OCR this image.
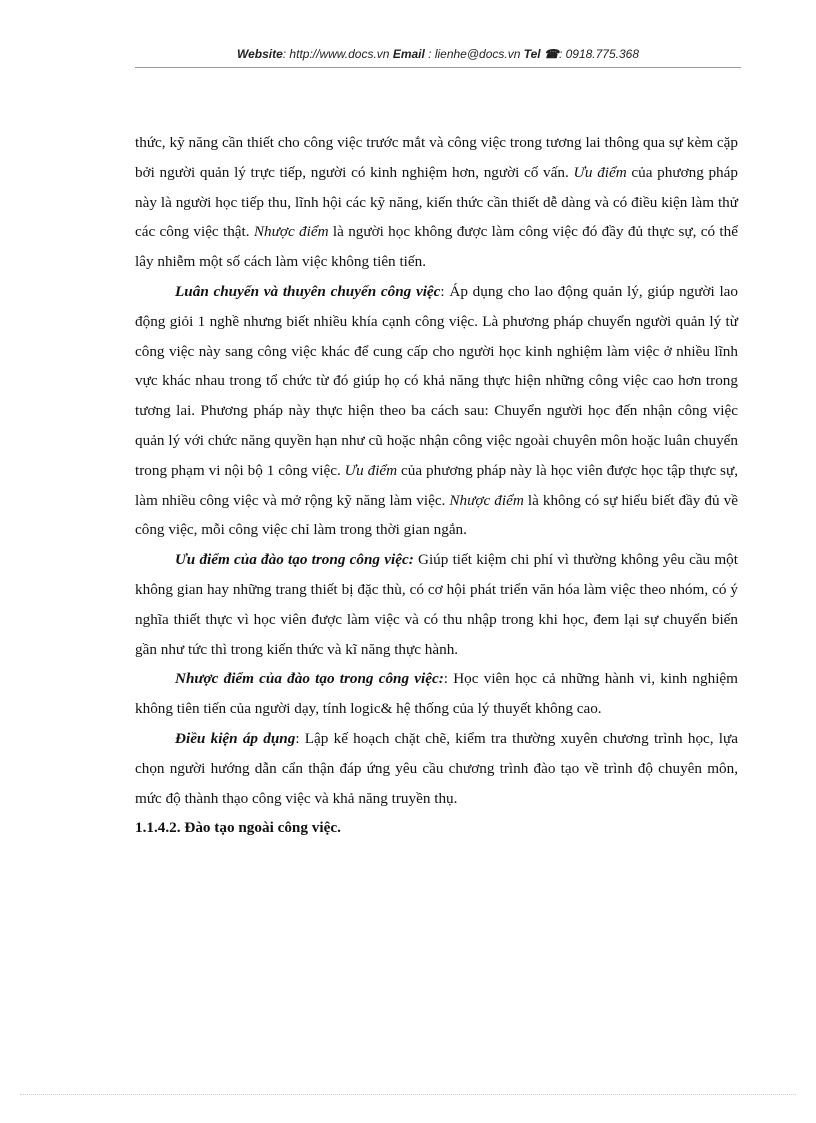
Website: http://www.docs.vn Email : lienhe@docs.vn Tel ☎: 0918.775.368

thức, kỹ năng cần thiết cho công việc trước mắt và công việc trong tương lai thông qua sự kèm cặp bởi người quản lý trực tiếp, người có kinh nghiệm hơn, người cố vấn. Ưu điểm của phương pháp này là người học tiếp thu, lĩnh hội các kỹ năng, kiến thức cần thiết dễ dàng và có điều kiện làm thử các công việc thật. Nhược điểm là người học không được làm công việc đó đầy đủ thực sự, có thể lây nhiễm một số cách làm việc không tiên tiến.

Luân chuyển và thuyên chuyển công việc: Áp dụng cho lao động quản lý, giúp người lao động giỏi 1 nghề nhưng biết nhiều khía cạnh công việc. Là phương pháp chuyển người quản lý từ công việc này sang công việc khác để cung cấp cho người học kinh nghiệm làm việc ở nhiều lĩnh vực khác nhau trong tổ chức từ đó giúp họ có khả năng thực hiện những công việc cao hơn trong tương lai. Phương pháp này thực hiện theo ba cách sau: Chuyển người học đến nhận công việc quản lý với chức năng quyền hạn như cũ hoặc nhận công việc ngoài chuyên môn hoặc luân chuyển trong phạm vi nội bộ 1 công việc. Ưu điểm của phương pháp này là học viên được học tập thực sự, làm nhiều công việc và mở rộng kỹ năng làm việc. Nhược điểm là không có sự hiểu biết đầy đủ về công việc, mỗi công việc chỉ làm trong thời gian ngắn.

Ưu điểm của đào tạo trong công việc: Giúp tiết kiệm chi phí vì thường không yêu cầu một không gian hay những trang thiết bị đặc thù, có cơ hội phát triển văn hóa làm việc theo nhóm, có ý nghĩa thiết thực vì học viên được làm việc và có thu nhập trong khi học, đem lại sự chuyển biến gần như tức thì trong kiến thức và kĩ năng thực hành.

Nhược điểm của đào tạo trong công việc:: Học viên học cả những hành vi, kinh nghiệm không tiên tiến của người dạy, tính logic& hệ thống của lý thuyết không cao.

Điều kiện áp dụng: Lập kế hoạch chặt chẽ, kiểm tra thường xuyên chương trình học, lựa chọn người hướng dẫn cẩn thận đáp ứng yêu cầu chương trình đào tạo về trình độ chuyên môn, mức độ thành thạo công việc và khả năng truyền thụ.

1.1.4.2. Đào tạo ngoài công việc.
